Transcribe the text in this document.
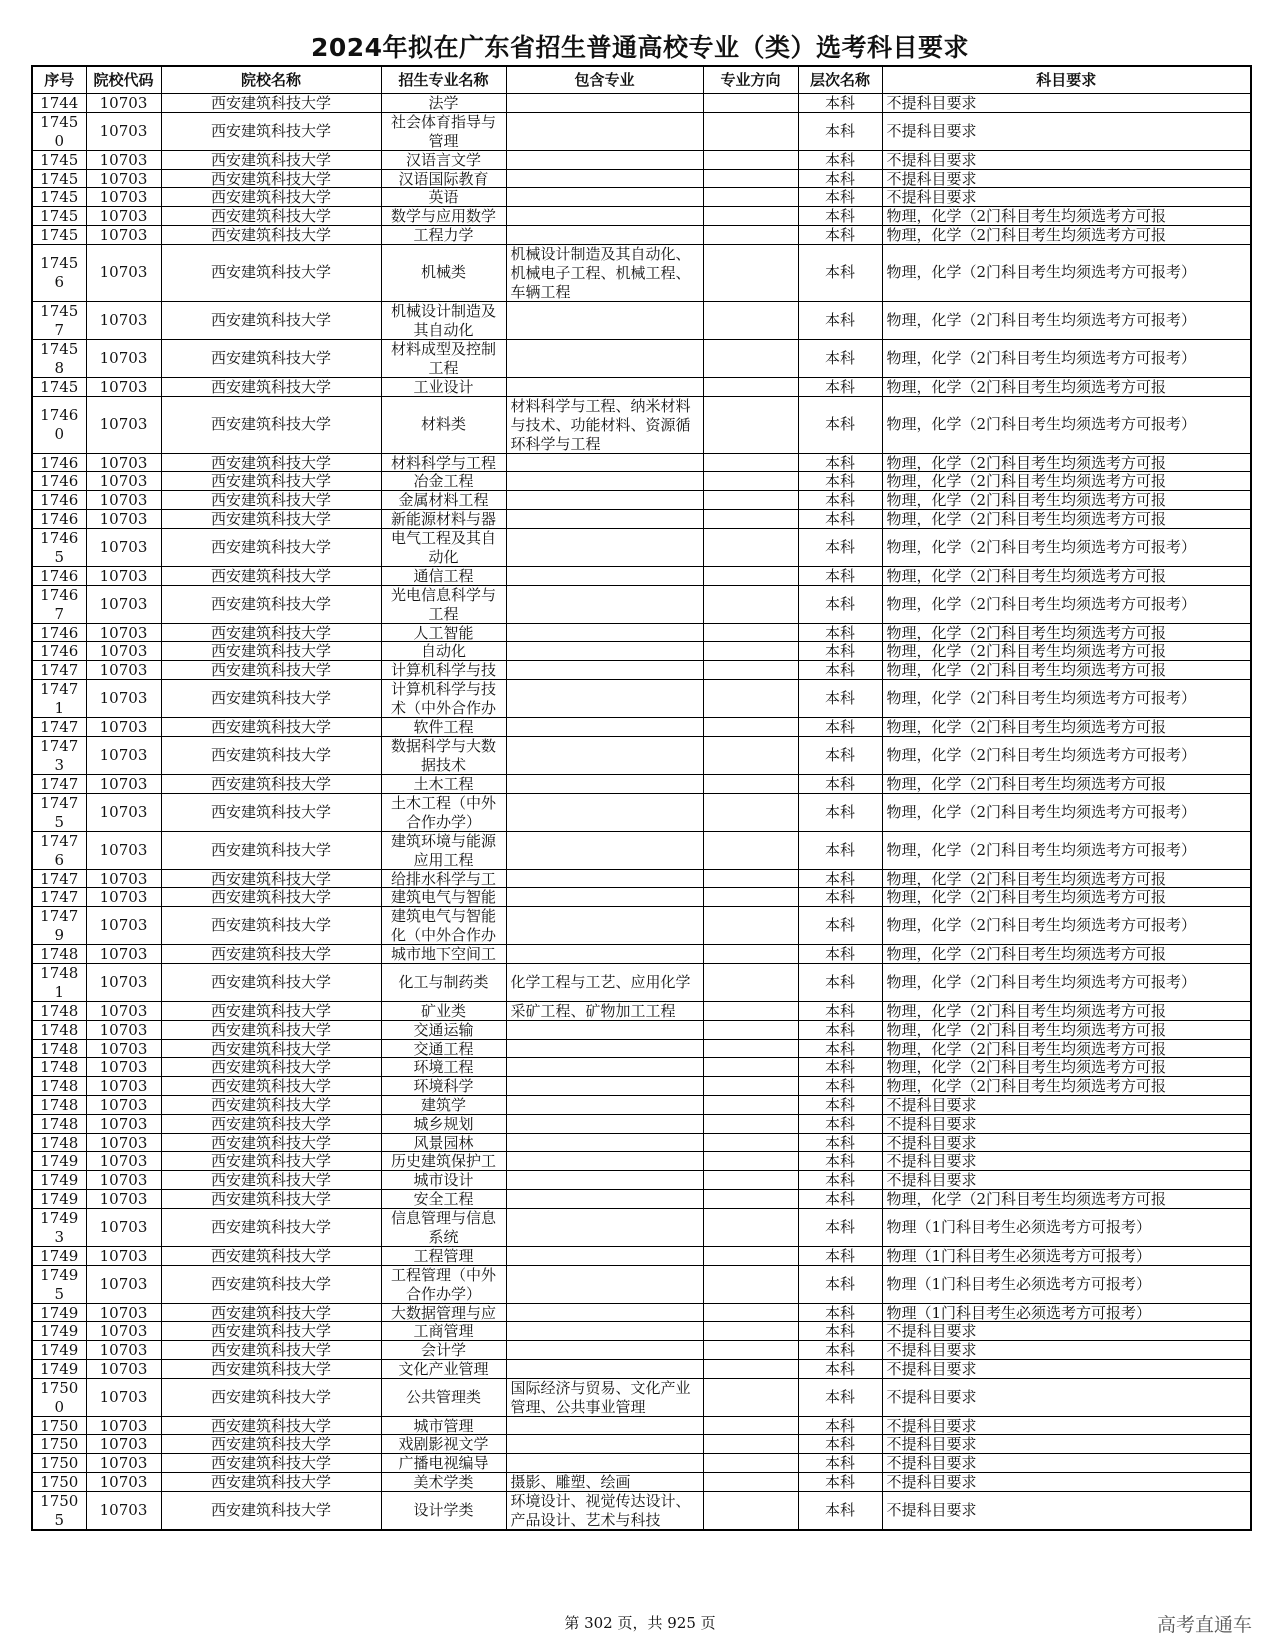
2024年拟在广东省招生普通高校专业（类）选考科目要求
序号	院校代码	院校名称	招生专业名称	包含专业	专业方向	层次名称	科目要求

1744	10703	西安建筑科技大学	法学			本科	不提科目要求

17450	10703	西安建筑科技大学	社会体育指导与管理			本科	不提科目要求

1745	10703	西安建筑科技大学	汉语言文学			本科	不提科目要求

1745	10703	西安建筑科技大学	汉语国际教育			本科	不提科目要求

1745	10703	西安建筑科技大学	英语			本科	不提科目要求

1745	10703	西安建筑科技大学	数学与应用数学			本科	物理，化学（2门科目考生均须选考方可报

1745	10703	西安建筑科技大学	工程力学			本科	物理，化学（2门科目考生均须选考方可报

17456	10703	西安建筑科技大学	机械类	机械设计制造及其自动化、机械电子工程、机械工程、车辆工程		本科	物理，化学（2门科目考生均须选考方可报考）

17457	10703	西安建筑科技大学	机械设计制造及其自动化			本科	物理，化学（2门科目考生均须选考方可报考）

17458	10703	西安建筑科技大学	材料成型及控制工程			本科	物理，化学（2门科目考生均须选考方可报考）

1745	10703	西安建筑科技大学	工业设计			本科	物理，化学（2门科目考生均须选考方可报

17460	10703	西安建筑科技大学	材料类	材料科学与工程、纳米材料与技术、功能材料、资源循环科学与工程		本科	物理，化学（2门科目考生均须选考方可报考）

1746	10703	西安建筑科技大学	材料科学与工程			本科	物理，化学（2门科目考生均须选考方可报

1746	10703	西安建筑科技大学	冶金工程			本科	物理，化学（2门科目考生均须选考方可报

1746	10703	西安建筑科技大学	金属材料工程			本科	物理，化学（2门科目考生均须选考方可报

1746	10703	西安建筑科技大学	新能源材料与器			本科	物理，化学（2门科目考生均须选考方可报

17465	10703	西安建筑科技大学	电气工程及其自动化			本科	物理，化学（2门科目考生均须选考方可报考）

1746	10703	西安建筑科技大学	通信工程			本科	物理，化学（2门科目考生均须选考方可报

17467	10703	西安建筑科技大学	光电信息科学与工程			本科	物理，化学（2门科目考生均须选考方可报考）

1746	10703	西安建筑科技大学	人工智能			本科	物理，化学（2门科目考生均须选考方可报

1746	10703	西安建筑科技大学	自动化			本科	物理，化学（2门科目考生均须选考方可报

1747	10703	西安建筑科技大学	计算机科学与技			本科	物理，化学（2门科目考生均须选考方可报

17471	10703	西安建筑科技大学	计算机科学与技术（中外合作办			本科	物理，化学（2门科目考生均须选考方可报考）

1747	10703	西安建筑科技大学	软件工程			本科	物理，化学（2门科目考生均须选考方可报

17473	10703	西安建筑科技大学	数据科学与大数据技术			本科	物理，化学（2门科目考生均须选考方可报考）

1747	10703	西安建筑科技大学	土木工程			本科	物理，化学（2门科目考生均须选考方可报

17475	10703	西安建筑科技大学	土木工程（中外合作办学）			本科	物理，化学（2门科目考生均须选考方可报考）

17476	10703	西安建筑科技大学	建筑环境与能源应用工程			本科	物理，化学（2门科目考生均须选考方可报考）

1747	10703	西安建筑科技大学	给排水科学与工			本科	物理，化学（2门科目考生均须选考方可报

1747	10703	西安建筑科技大学	建筑电气与智能			本科	物理，化学（2门科目考生均须选考方可报

17479	10703	西安建筑科技大学	建筑电气与智能化（中外合作办			本科	物理，化学（2门科目考生均须选考方可报考）

1748	10703	西安建筑科技大学	城市地下空间工			本科	物理，化学（2门科目考生均须选考方可报

17481	10703	西安建筑科技大学	化工与制药类	化学工程与工艺、应用化学		本科	物理，化学（2门科目考生均须选考方可报考）

1748	10703	西安建筑科技大学	矿业类	采矿工程、矿物加工工程		本科	物理，化学（2门科目考生均须选考方可报

1748	10703	西安建筑科技大学	交通运输			本科	物理，化学（2门科目考生均须选考方可报

1748	10703	西安建筑科技大学	交通工程			本科	物理，化学（2门科目考生均须选考方可报

1748	10703	西安建筑科技大学	环境工程			本科	物理，化学（2门科目考生均须选考方可报

1748	10703	西安建筑科技大学	环境科学			本科	物理，化学（2门科目考生均须选考方可报

1748	10703	西安建筑科技大学	建筑学			本科	不提科目要求

1748	10703	西安建筑科技大学	城乡规划			本科	不提科目要求

1748	10703	西安建筑科技大学	风景园林			本科	不提科目要求

1749	10703	西安建筑科技大学	历史建筑保护工			本科	不提科目要求

1749	10703	西安建筑科技大学	城市设计			本科	不提科目要求

1749	10703	西安建筑科技大学	安全工程			本科	物理，化学（2门科目考生均须选考方可报

17493	10703	西安建筑科技大学	信息管理与信息系统			本科	物理（1门科目考生必须选考方可报考）

1749	10703	西安建筑科技大学	工程管理			本科	物理（1门科目考生必须选考方可报考）

17495	10703	西安建筑科技大学	工程管理（中外合作办学）			本科	物理（1门科目考生必须选考方可报考）

1749	10703	西安建筑科技大学	大数据管理与应			本科	物理（1门科目考生必须选考方可报考）

1749	10703	西安建筑科技大学	工商管理			本科	不提科目要求

1749	10703	西安建筑科技大学	会计学			本科	不提科目要求

1749	10703	西安建筑科技大学	文化产业管理			本科	不提科目要求

17500	10703	西安建筑科技大学	公共管理类	国际经济与贸易、文化产业管理、公共事业管理		本科	不提科目要求

1750	10703	西安建筑科技大学	城市管理			本科	不提科目要求

1750	10703	西安建筑科技大学	戏剧影视文学			本科	不提科目要求

1750	10703	西安建筑科技大学	广播电视编导			本科	不提科目要求

1750	10703	西安建筑科技大学	美术学类	摄影、雕塑、绘画		本科	不提科目要求

17505	10703	西安建筑科技大学	设计学类	环境设计、视觉传达设计、产品设计、艺术与科技		本科	不提科目要求
第 302 页，共 925 页	高考直通车
